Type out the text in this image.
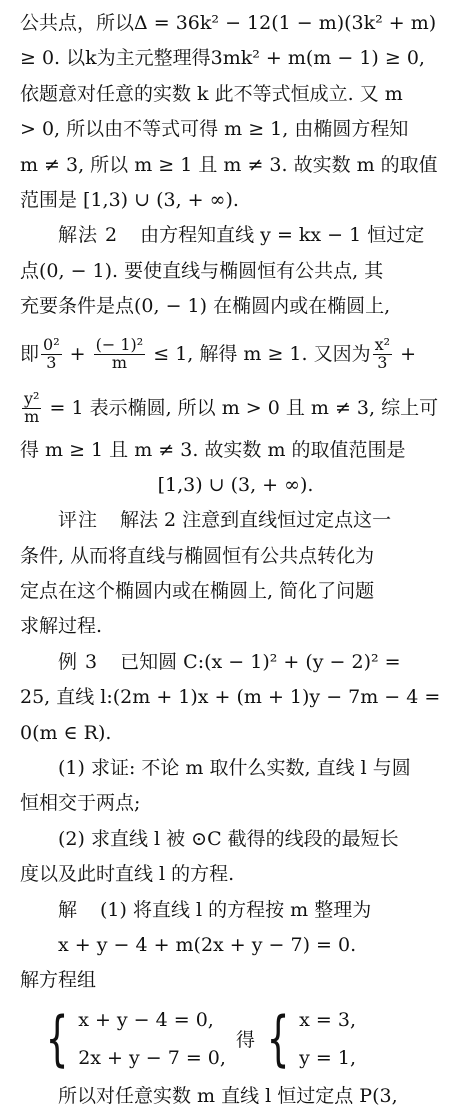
公共点，所以Δ = 36k² − 12(1 − m)(3k² + m)
≥ 0. 以k为主元整理得3mk² + m(m − 1) ≥ 0,
依题意对任意的实数 k 此不等式恒成立. 又 m
> 0, 所以由不等式可得 m ≥ 1, 由椭圆方程知
m ≠ 3, 所以 m ≥ 1 且 m ≠ 3. 故实数 m 的取值
范围是 [1,3) ∪ (3, + ∞).
解法 2 由方程知直线 y = kx − 1 恒过定
点(0, − 1). 要使直线与椭圆恒有公共点, 其
充要条件是点(0, − 1) 在椭圆内或在椭圆上,
即 $\frac{\text{0²}}{3} + \frac{\text{(− 1)²}}{m} \le 1$, 解得 m ≥ 1. 又因为 $\frac{\text{x²}}{3}$ +
$\frac{\text{y²}}{m} = 1$ 表示椭圆, 所以 m > 0 且 m ≠ 3, 综上可
得 m ≥ 1 且 m ≠ 3. 故实数 m 的取值范围是
[1,3) ∪ (3, + ∞).
评注 解法 2 注意到直线恒过定点这一
条件, 从而将直线与椭圆恒有公共点转化为
定点在这个椭圆内或在椭圆上, 简化了问题
求解过程.
例 3 已知圆 C:(x − 1)² + (y − 2)² =
25, 直线 l:(2m + 1)x + (m + 1)y − 7m − 4 =
0(m ∈ R).
(1) 求证: 不论 m 取什么实数, 直线 l 与圆
恒相交于两点;
(2) 求直线 l 被 ⊙C 截得的线段的最短长
度以及此时直线 l 的方程.
解 (1) 将直线 l 的方程按 m 整理为
x + y − 4 + m(2x + y − 7) = 0.
解方程组
{ x + y − 4 = 0,
2x + y − 7 = 0,
得 { x = 3,
y = 1,
所以对任意实数 m 直线 l 恒过定点 P(3,
